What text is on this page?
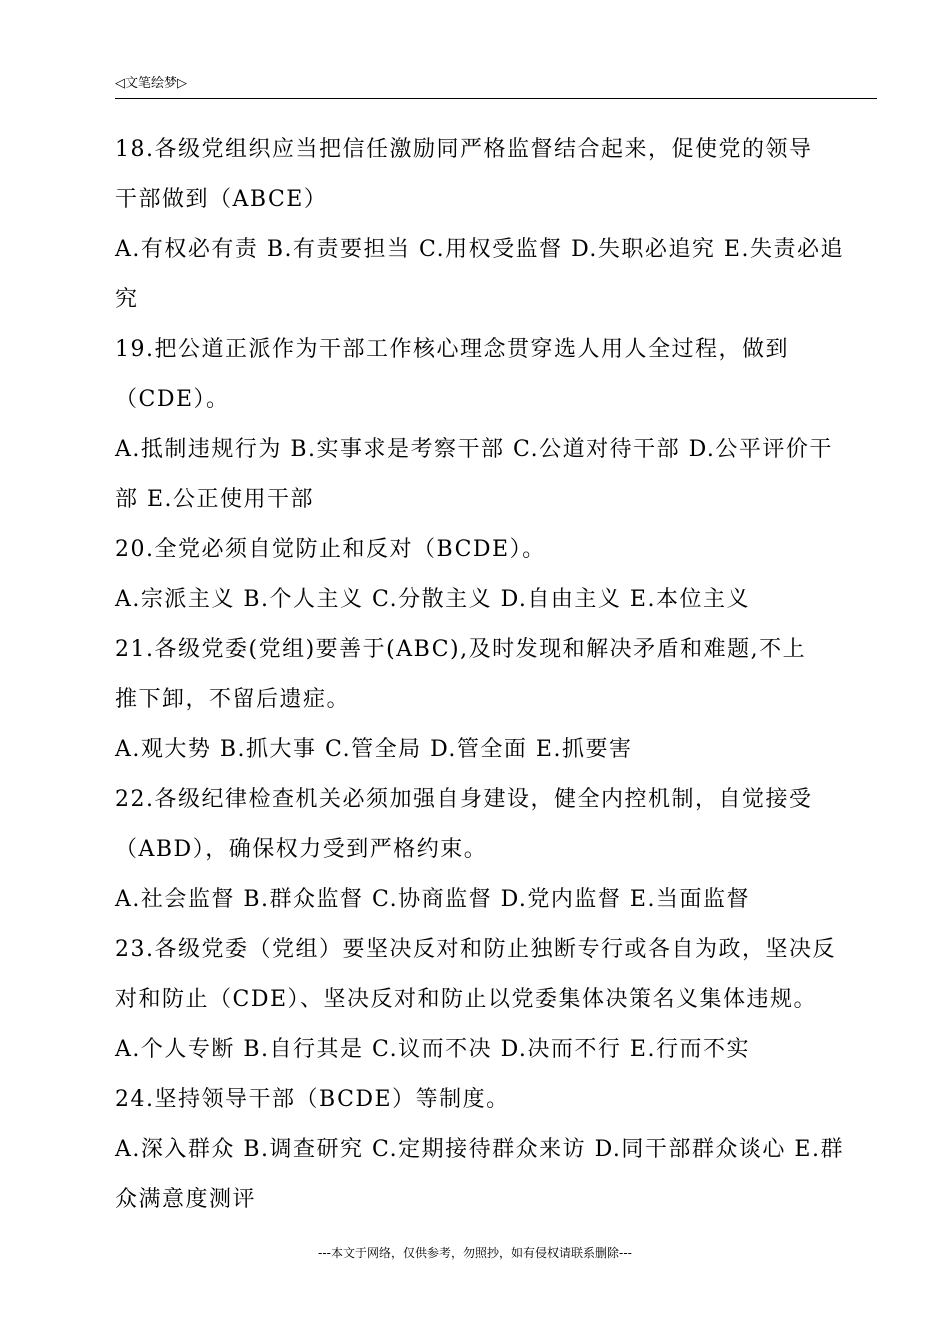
◁文笔绘梦▷
18.各级党组织应当把信任激励同严格监督结合起来，促使党的领导
干部做到（ABCE）
A.有权必有责 B.有责要担当 C.用权受监督 D.失职必追究 E.失责必追
究
19.把公道正派作为干部工作核心理念贯穿选人用人全过程，做到
（CDE）。
A.抵制违规行为 B.实事求是考察干部 C.公道对待干部 D.公平评价干
部 E.公正使用干部
20.全党必须自觉防止和反对（BCDE）。
A.宗派主义 B.个人主义 C.分散主义 D.自由主义 E.本位主义
21.各级党委(党组)要善于(ABC),及时发现和解决矛盾和难题,不上
推下卸，不留后遗症。
A.观大势 B.抓大事 C.管全局 D.管全面 E.抓要害
22.各级纪律检查机关必须加强自身建设，健全内控机制，自觉接受
（ABD），确保权力受到严格约束。
A.社会监督 B.群众监督 C.协商监督 D.党内监督 E.当面监督
23.各级党委（党组）要坚决反对和防止独断专行或各自为政，坚决反
对和防止（CDE）、坚决反对和防止以党委集体决策名义集体违规。
A.个人专断 B.自行其是 C.议而不决 D.决而不行 E.行而不实
24.坚持领导干部（BCDE）等制度。
A.深入群众 B.调查研究 C.定期接待群众来访 D.同干部群众谈心 E.群
众满意度测评
---本文于网络，仅供参考，勿照抄，如有侵权请联系删除---
